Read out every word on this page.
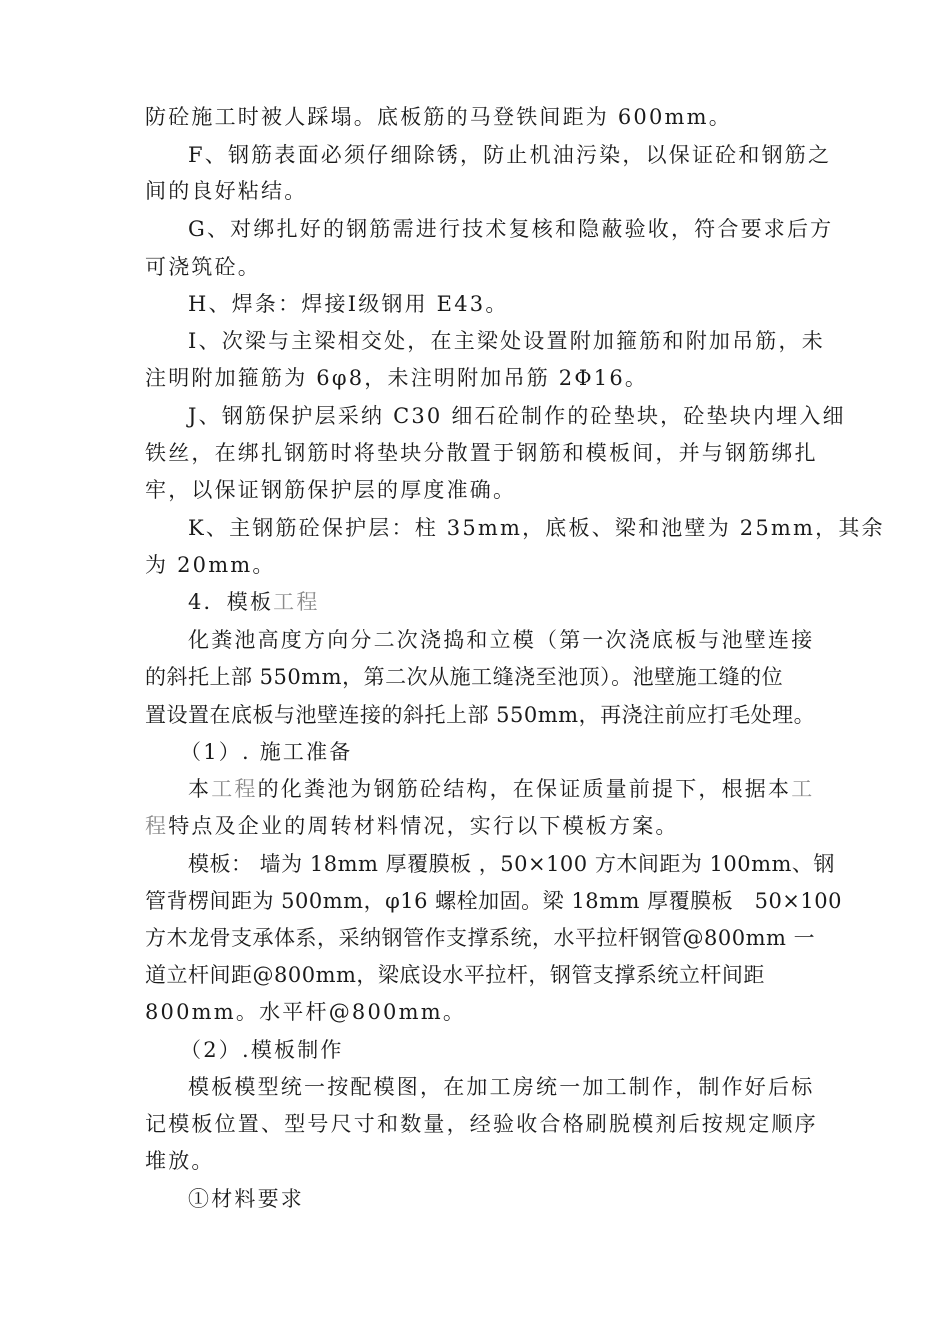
防砼施工时被人踩塌。底板筋的马登铁间距为 600mm。
F、钢筋表面必须仔细除锈，防止机油污染，以保证砼和钢筋之
间的良好粘结。
G、对绑扎好的钢筋需进行技术复核和隐蔽验收，符合要求后方
可浇筑砼。
H、焊条：焊接Ⅰ级钢用 E43。
I、次梁与主梁相交处，在主梁处设置附加箍筋和附加吊筋，未
注明附加箍筋为 6φ8，未注明附加吊筋 2Φ16。
J、钢筋保护层采纳 C30 细石砼制作的砼垫块，砼垫块内埋入细
铁丝，在绑扎钢筋时将垫块分散置于钢筋和模板间，并与钢筋绑扎
牢，以保证钢筋保护层的厚度准确。
K、主钢筋砼保护层：柱 35mm，底板、梁和池壁为 25mm，其余
为 20mm。
4．模板工程
化粪池高度方向分二次浇捣和立模（第一次浇底板与池壁连接
的斜托上部 550mm，第二次从施工缝浇至池顶）。池壁施工缝的位
置设置在底板与池壁连接的斜托上部 550mm，再浇注前应打毛处理。
（1）. 施工准备
本工程的化粪池为钢筋砼结构，在保证质量前提下，根据本工
程特点及企业的周转材料情况，实行以下模板方案。
模板： 墙为 18mm 厚覆膜板 ，50×100 方木间距为 100mm、钢
管背楞间距为 500mm，φ16 螺栓加固。梁 18mm 厚覆膜板　50×100
方木龙骨支承体系，采纳钢管作支撑系统，水平拉杆钢管@800mm 一
道立杆间距@800mm，梁底设水平拉杆，钢管支撑系统立杆间距
800mm。水平杆@800mm。
（2）.模板制作
模板模型统一按配模图，在加工房统一加工制作，制作好后标
记模板位置、型号尺寸和数量，经验收合格刷脱模剂后按规定顺序
堆放。
①材料要求
